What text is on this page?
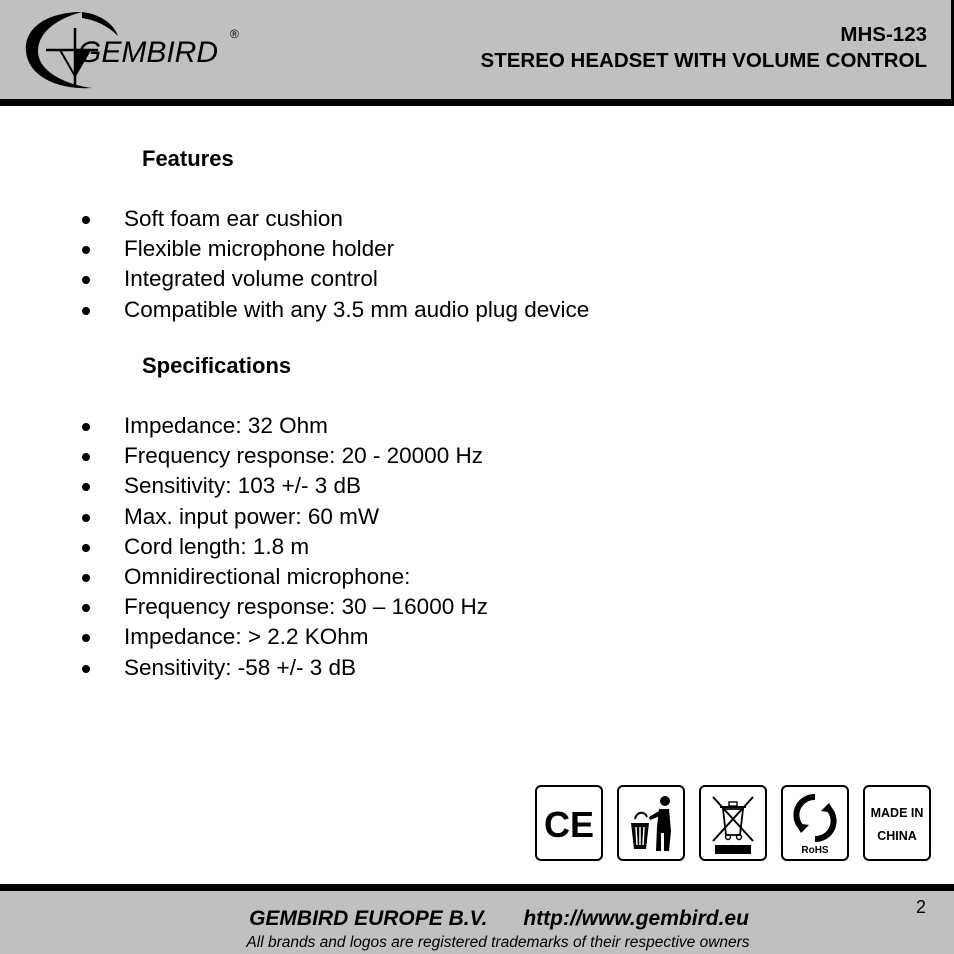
GEMBIRD
®	MHS-123
STEREO HEADSET WITH VOLUME CONTROL
Features
Soft foam ear cushion
Flexible microphone holder
Integrated volume control
Compatible with any 3.5 mm audio plug device
Specifications
Impedance: 32 Ohm
Frequency response: 20 - 20000 Hz
Sensitivity: 103 +/- 3 dB
Max. input power: 60 mW
Cord length: 1.8 m
Omnidirectional microphone:
Frequency response: 30 – 16000 Hz
Impedance: > 2.2 KOhm
Sensitivity: -58 +/- 3 dB
CE
RoHS
MADE IN
CHINA
GEMBIRD EUROPE B.V. http://www.gembird.eu
All brands and logos are registered trademarks of their respective owners
2
